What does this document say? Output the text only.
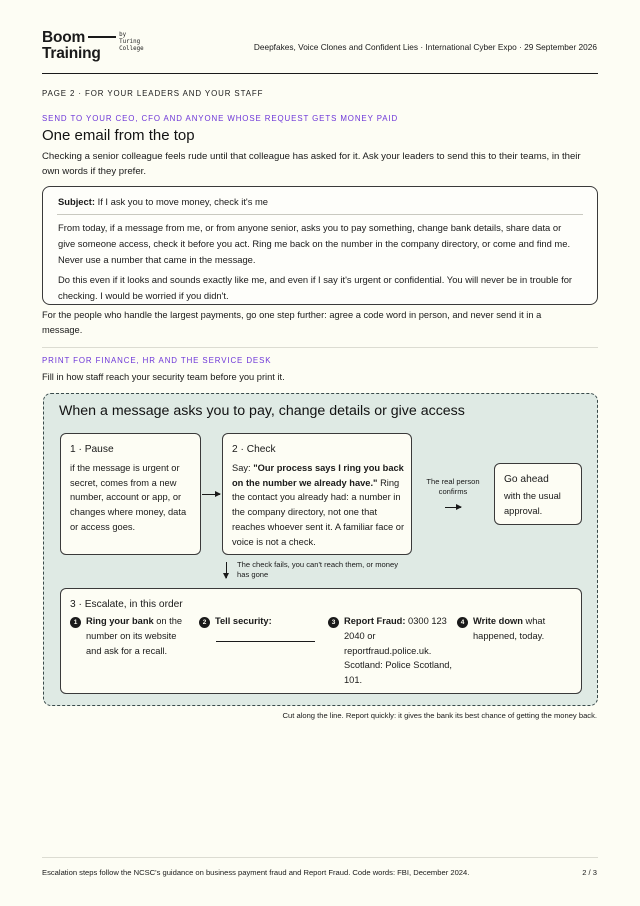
Boom
Training
by
Turing
College	Deepfakes, Voice Clones and Confident Lies · International Cyber Expo · 29 September 2026
PAGE 2 · FOR YOUR LEADERS AND YOUR STAFF
SEND TO YOUR CEO, CFO AND ANYONE WHOSE REQUEST GETS MONEY PAID
One email from the top
Checking a senior colleague feels rude until that colleague has asked for it. Ask your leaders to send this to their teams, in their own words if they prefer.
Subject: If I ask you to move money, check it's me

From today, if a message from me, or from anyone senior, asks you to pay something, change bank details, share data or give someone access, check it before you act. Ring me back on the number in the company directory, or come and find me. Never use a number that came in the message.

Do this even if it looks and sounds exactly like me, and even if I say it's urgent or confidential. You will never be in trouble for checking. I would be worried if you didn't.

For the people who handle the largest payments, go one step further: agree a code word in person, and never send it in a message.
PRINT FOR FINANCE, HR AND THE SERVICE DESK
Fill in how staff reach your security team before you print it.
When a message asks you to pay, change details or give access
1 · Pause
if the message is urgent or secret, comes from a new number, account or app, or changes where money, data or access goes.
2 · Check
Say: "Our process says I ring you back on the number we already have." Ring the contact you already had: a number in the company directory, not one that reaches whoever sent it. A familiar face or voice is not a check.
The real person confirms
Go ahead
with the usual approval.
The check fails, you can't reach them, or money has gone
3 · Escalate, in this order
1 Ring your bank on the number on its website and ask for a recall.
2 Tell security:	3 Report Fraud: 0300 123 2040 or reportfraud.police.uk. Scotland: Police Scotland, 101.
4 Write down what happened, today.
Cut along the line. Report quickly: it gives the bank its best chance of getting the money back.
Escalation steps follow the NCSC's guidance on business payment fraud and Report Fraud. Code words: FBI, December 2024.	2 / 3
